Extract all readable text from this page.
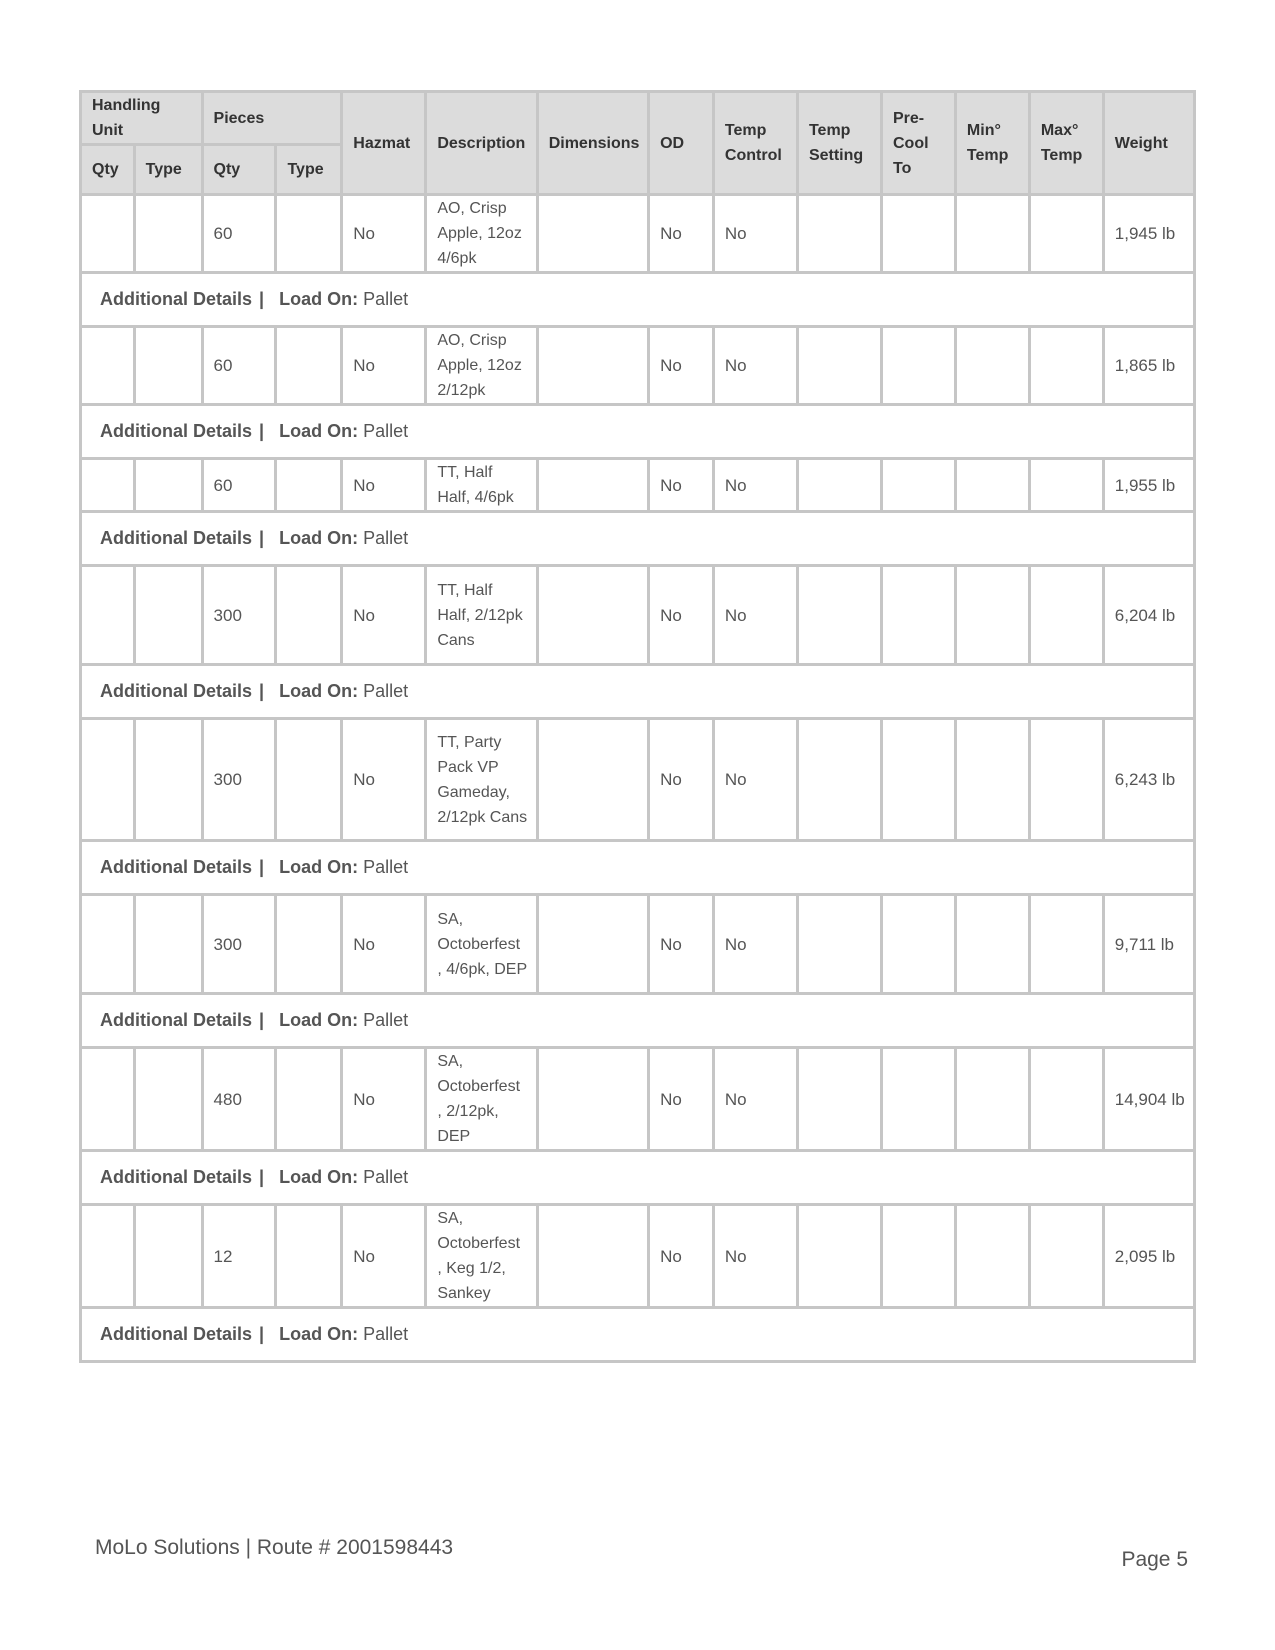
Handling Unit		Pieces		Hazmat	Description	Dimensions	OD	Temp Control	Temp Setting	Pre-Cool To	Min° Temp	Max° Temp	Weight
Qty	Type	Qty	Type										
		60		No	AO, Crisp Apple, 12oz 4/6pk		No	No					1,945 lb
Additional Details | Load On: Pallet													
		60		No	AO, Crisp Apple, 12oz 2/12pk		No	No					1,865 lb
Additional Details | Load On: Pallet													
		60		No	TT, Half Half, 4/6pk		No	No					1,955 lb
Additional Details | Load On: Pallet													
		300		No	TT, Half Half, 2/12pk Cans		No	No					6,204 lb
Additional Details | Load On: Pallet													
		300		No	TT, Party Pack VP Gameday, 2/12pk Cans		No	No					6,243 lb
Additional Details | Load On: Pallet													
		300		No	SA, Octoberfest , 4/6pk, DEP		No	No					9,711 lb
Additional Details | Load On: Pallet													
		480		No	SA, Octoberfest , 2/12pk, DEP		No	No					14,904 lb
Additional Details | Load On: Pallet													
		12		No	SA, Octoberfest , Keg 1/2, Sankey		No	No					2,095 lb
Additional Details | Load On: Pallet													
MoLo Solutions | Route # 2001598443
Page 5
